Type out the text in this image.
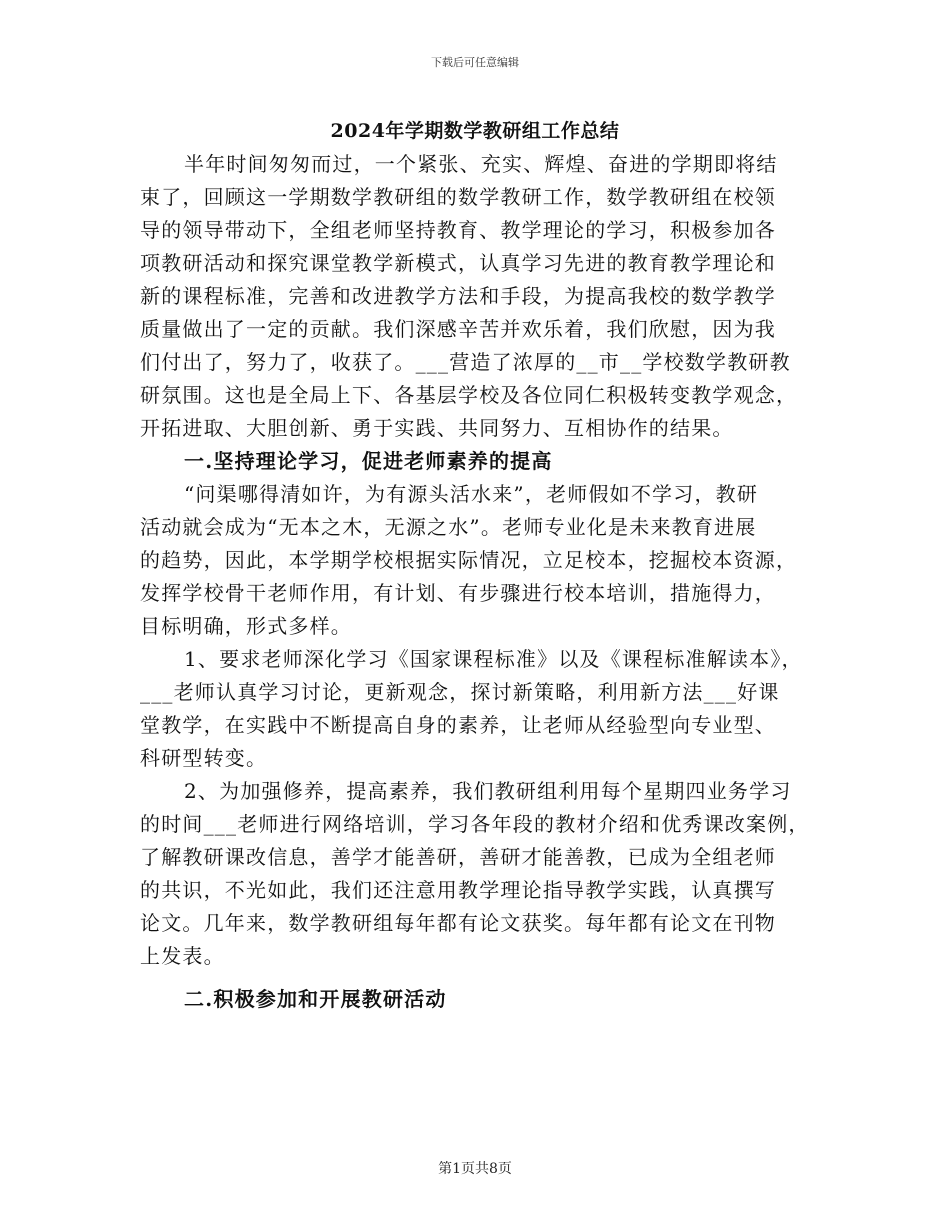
下载后可任意编辑
2024年学期数学教研组工作总结
半年时间匆匆而过，一个紧张、充实、辉煌、奋进的学期即将结
束了，回顾这一学期数学教研组的数学教研工作，数学教研组在校领
导的领导带动下，全组老师坚持教育、教学理论的学习，积极参加各
项教研活动和探究课堂教学新模式，认真学习先进的教育教学理论和
新的课程标准，完善和改进教学方法和手段，为提高我校的数学教学
质量做出了一定的贡献。我们深感辛苦并欢乐着，我们欣慰，因为我
们付出了，努力了，收获了。___营造了浓厚的__市__学校数学教研教
研氛围。这也是全局上下、各基层学校及各位同仁积极转变教学观念，
开拓进取、大胆创新、勇于实践、共同努力、互相协作的结果。
一.坚持理论学习，促进老师素养的提高
“问渠哪得清如许，为有源头活水来”，老师假如不学习，教研
活动就会成为“无本之木，无源之水”。老师专业化是未来教育进展
的趋势，因此，本学期学校根据实际情况，立足校本，挖掘校本资源，
发挥学校骨干老师作用，有计划、有步骤进行校本培训，措施得力，
目标明确，形式多样。
1、要求老师深化学习《国家课程标准》以及《课程标准解读本》，
___老师认真学习讨论，更新观念，探讨新策略，利用新方法___好课
堂教学，在实践中不断提高自身的素养，让老师从经验型向专业型、
科研型转变。
2、为加强修养，提高素养，我们教研组利用每个星期四业务学习
的时间___老师进行网络培训，学习各年段的教材介绍和优秀课改案例，
了解教研课改信息，善学才能善研，善研才能善教，已成为全组老师
的共识，不光如此，我们还注意用教学理论指导教学实践，认真撰写
论文。几年来，数学教研组每年都有论文获奖。每年都有论文在刊物
上发表。
二.积极参加和开展教研活动
第1页共8页
